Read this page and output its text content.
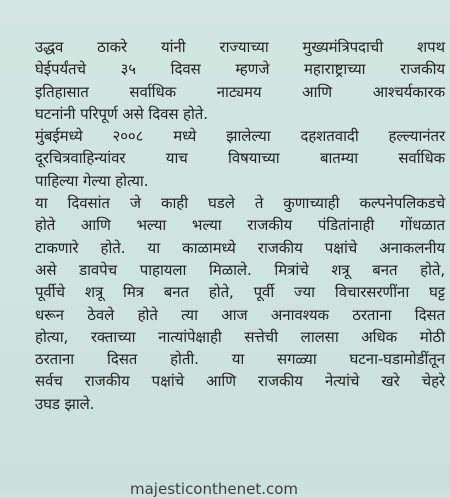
उद्धव ठाकरे यांनी राज्याच्या मुख्यमंत्रिपदाची शपथ
घेईपर्यंतचे ३५ दिवस म्हणजे महाराष्ट्राच्या राजकीय
इतिहासात सर्वाधिक नाट्यमय आणि आश्चर्यकारक
घटनांनी परिपूर्ण असे दिवस होते.
मुंबईमध्ये २००८ मध्ये झालेल्या दहशतवादी हल्ल्यानंतर
दूरचित्रवाहिन्यांवर याच विषयाच्या बातम्या सर्वाधिक
पाहिल्या गेल्या होत्या.
या दिवसांत जे काही घडले ते कुणाच्याही कल्पनेपलिकडचे
होते आणि भल्या भल्या राजकीय पंडितांनाही गोंधळात
टाकणारे होते. या काळामध्ये राजकीय पक्षांचे अनाकलनीय
असे डावपेच पाहायला मिळाले. मित्रांचे शत्रू बनत होते,
पूर्वीचे शत्रू मित्र बनत होते, पूर्वी ज्या विचारसरणींना घट्ट
धरून ठेवले होते त्या आज अनावश्यक ठरताना दिसत
होत्या, रक्ताच्या नात्यांपेक्षाही सत्तेची लालसा अधिक मोठी
ठरताना दिसत होती. या सगळ्या घटना-घडामोडींतून
सर्वच राजकीय पक्षांचे आणि राजकीय नेत्यांचे खरे चेहरे
उघड झाले.
majesticonthenet.com
